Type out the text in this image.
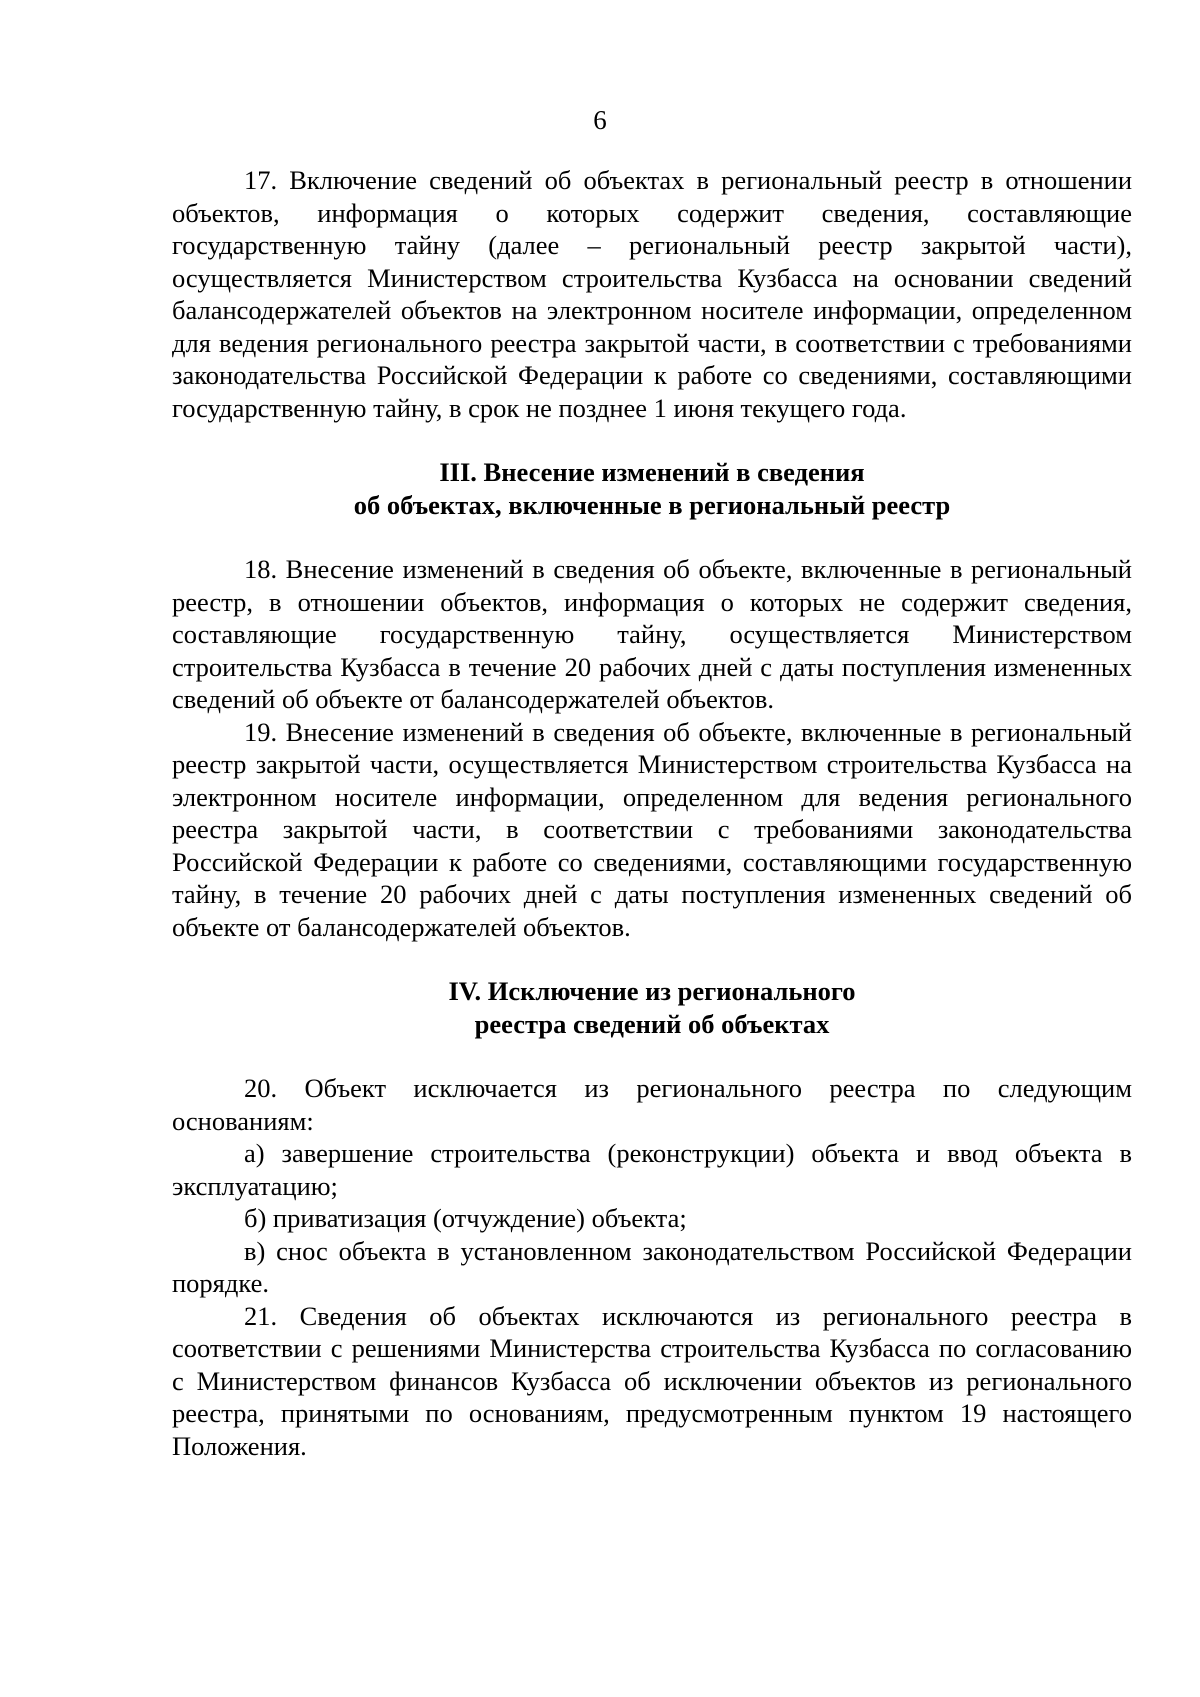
6

17. Включение сведений об объектах в региональный реестр в отношении объектов, информация о которых содержит сведения, составляющие государственную тайну (далее – региональный реестр закрытой части), осуществляется Министерством строительства Кузбасса на основании сведений балансодержателей объектов на электронном носителе информации, определенном для ведения регионального реестра закрытой части, в соответствии с требованиями законодательства Российской Федерации к работе со сведениями, составляющими государственную тайну, в срок не позднее 1 июня текущего года.

III. Внесение изменений в сведения
об объектах, включенные в региональный реестр

18. Внесение изменений в сведения об объекте, включенные в региональный реестр, в отношении объектов, информация о которых не содержит сведения, составляющие государственную тайну, осуществляется Министерством строительства Кузбасса в течение 20 рабочих дней с даты поступления измененных сведений об объекте от балансодержателей объектов.

19. Внесение изменений в сведения об объекте, включенные в региональный реестр закрытой части, осуществляется Министерством строительства Кузбасса на электронном носителе информации, определенном для ведения регионального реестра закрытой части, в соответствии с требованиями законодательства Российской Федерации к работе со сведениями, составляющими государственную тайну, в течение 20 рабочих дней с даты поступления измененных сведений об объекте от балансодержателей объектов.

IV. Исключение из регионального
реестра сведений об объектах

20. Объект исключается из регионального реестра по следующим основаниям:

а) завершение строительства (реконструкции) объекта и ввод объекта в эксплуатацию;

б) приватизация (отчуждение) объекта;

в) снос объекта в установленном законодательством Российской Федерации порядке.

21. Сведения об объектах исключаются из регионального реестра в соответствии с решениями Министерства строительства Кузбасса по согласованию с Министерством финансов Кузбасса об исключении объектов из регионального реестра, принятыми по основаниям, предусмотренным пунктом 19 настоящего Положения.
